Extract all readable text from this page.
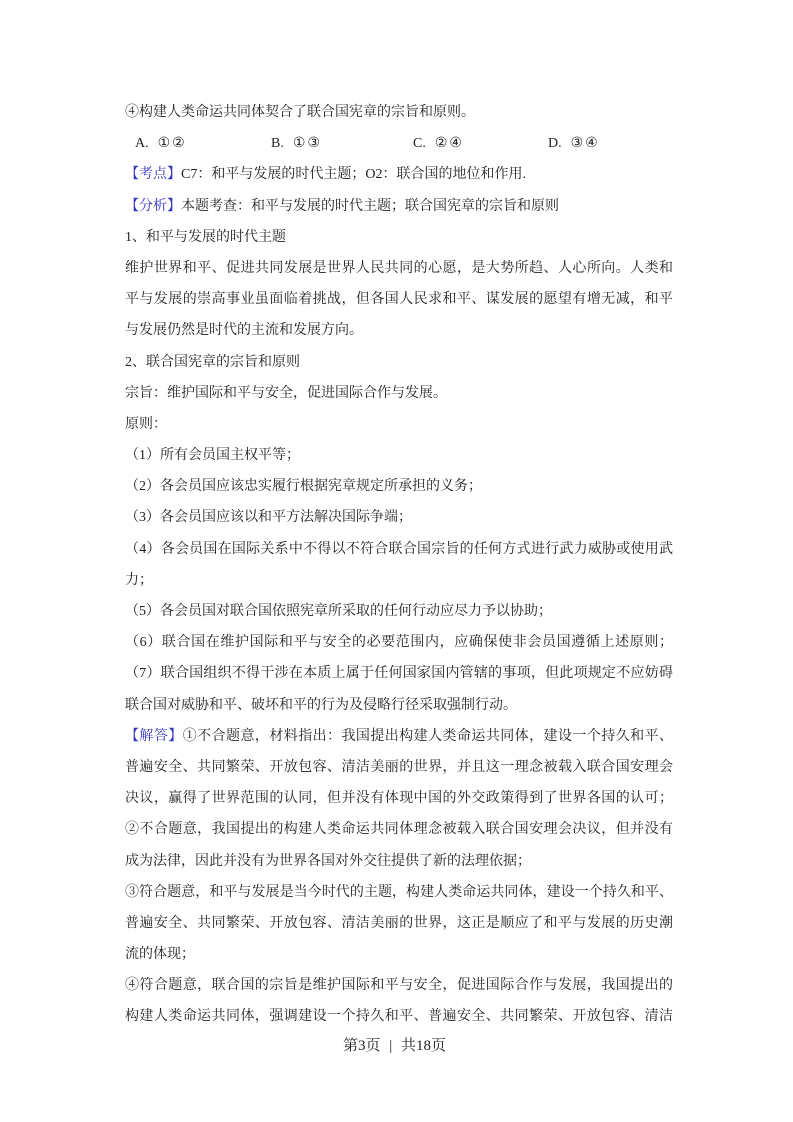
④构建人类命运共同体契合了联合国宪章的宗旨和原则。
A. ①②	B. ①③	C. ②④	D. ③④
【考点】C7：和平与发展的时代主题；O2：联合国的地位和作用.
【分析】本题考查：和平与发展的时代主题；联合国宪章的宗旨和原则
1、和平与发展的时代主题
维护世界和平、促进共同发展是世界人民共同的心愿，是大势所趋、人心所向。人类和
平与发展的崇高事业虽面临着挑战，但各国人民求和平、谋发展的愿望有增无减，和平
与发展仍然是时代的主流和发展方向。
2、联合国宪章的宗旨和原则
宗旨：维护国际和平与安全，促进国际合作与发展。
原则：
（1）所有会员国主权平等；
（2）各会员国应该忠实履行根据宪章规定所承担的义务；
（3）各会员国应该以和平方法解决国际争端；
（4）各会员国在国际关系中不得以不符合联合国宗旨的任何方式进行武力威胁或使用武
力；
（5）各会员国对联合国依照宪章所采取的任何行动应尽力予以协助；
（6）联合国在维护国际和平与安全的必要范围内，应确保使非会员国遵循上述原则；
（7）联合国组织不得干涉在本质上属于任何国家国内管辖的事项，但此项规定不应妨碍
联合国对威胁和平、破坏和平的行为及侵略行径采取强制行动。
【解答】①不合题意，材料指出：我国提出构建人类命运共同体，建设一个持久和平、
普遍安全、共同繁荣、开放包容、清洁美丽的世界，并且这一理念被载入联合国安理会
决议，赢得了世界范围的认同，但并没有体现中国的外交政策得到了世界各国的认可；
②不合题意，我国提出的构建人类命运共同体理念被载入联合国安理会决议，但并没有
成为法律，因此并没有为世界各国对外交往提供了新的法理依据；
③符合题意，和平与发展是当今时代的主题，构建人类命运共同体，建设一个持久和平、
普遍安全、共同繁荣、开放包容、清洁美丽的世界，这正是顺应了和平与发展的历史潮
流的体现；
④符合题意，联合国的宗旨是维护国际和平与安全，促进国际合作与发展，我国提出的
构建人类命运共同体，强调建设一个持久和平、普遍安全、共同繁荣、开放包容、清洁
第3页 | 共18页
